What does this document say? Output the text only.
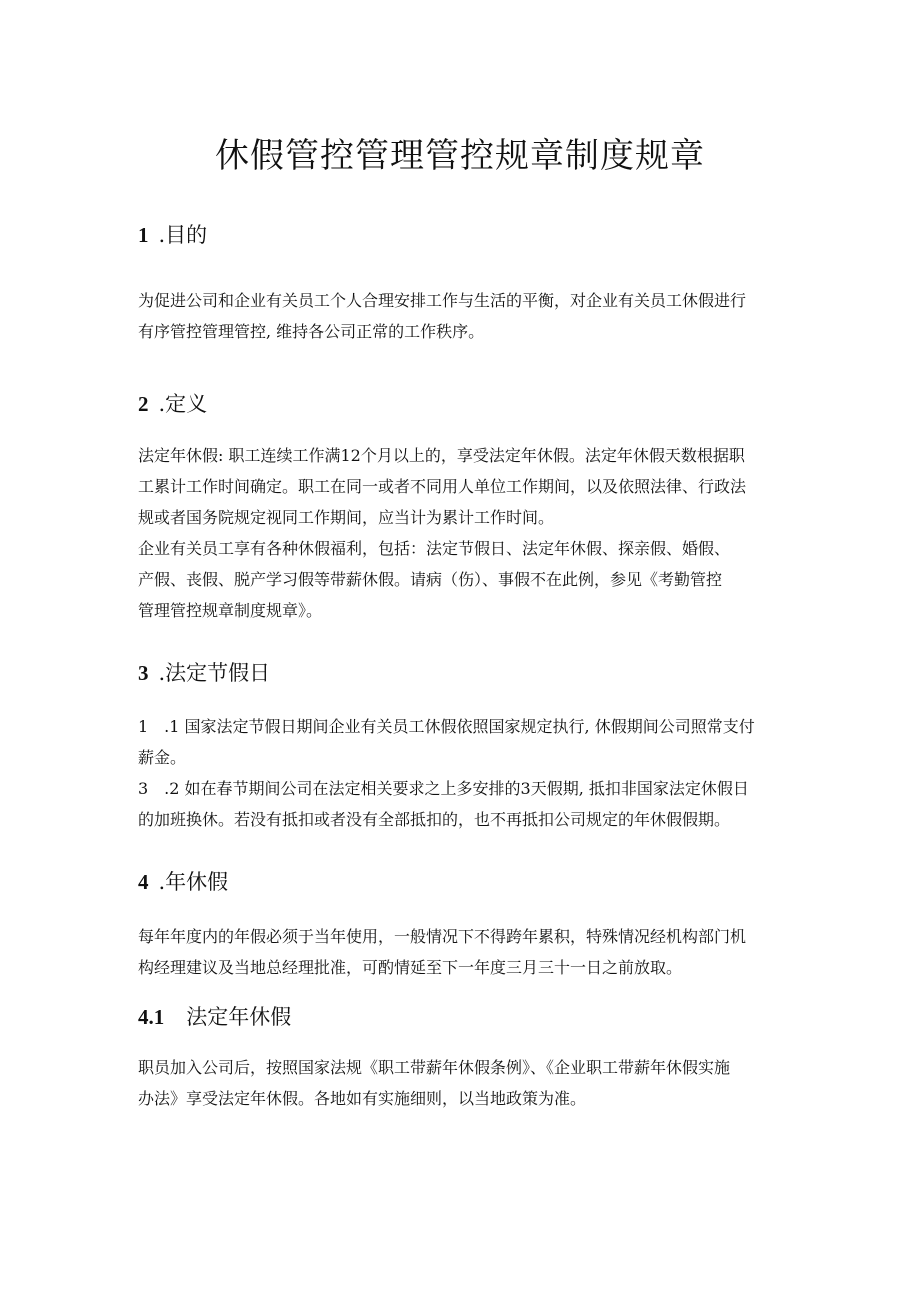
休假管控管理管控规章制度规章
1 .目的
为促进公司和企业有关员工个人合理安排工作与生活的平衡，对企业有关员工休假进行
有序管控管理管控, 维持各公司正常的工作秩序。
2 .定义
法定年休假: 职工连续工作满12个月以上的，享受法定年休假。法定年休假天数根据职
工累计工作时间确定。职工在同一或者不同用人单位工作期间，以及依照法律、行政法
规或者国务院规定视同工作期间，应当计为累计工作时间。
企业有关员工享有各种休假福利，包括：法定节假日、法定年休假、探亲假、婚假、
产假、丧假、脱产学习假等带薪休假。请病（伤）、事假不在此例，参见《考勤管控
管理管控规章制度规章》。
3 .法定节假日
1　.1 国家法定节假日期间企业有关员工休假依照国家规定执行, 休假期间公司照常支付
薪金。
3　.2 如在春节期间公司在法定相关要求之上多安排的3天假期, 抵扣非国家法定休假日
的加班换休。若没有抵扣或者没有全部抵扣的，也不再抵扣公司规定的年休假假期。
4 .年休假
每年年度内的年假必须于当年使用，一般情况下不得跨年累积，特殊情况经机构部门机
构经理建议及当地总经理批准，可酌情延至下一年度三月三十一日之前放取。
4.1 法定年休假
职员加入公司后，按照国家法规《职工带薪年休假条例》、《企业职工带薪年休假实施
办法》享受法定年休假。各地如有实施细则，以当地政策为准。
